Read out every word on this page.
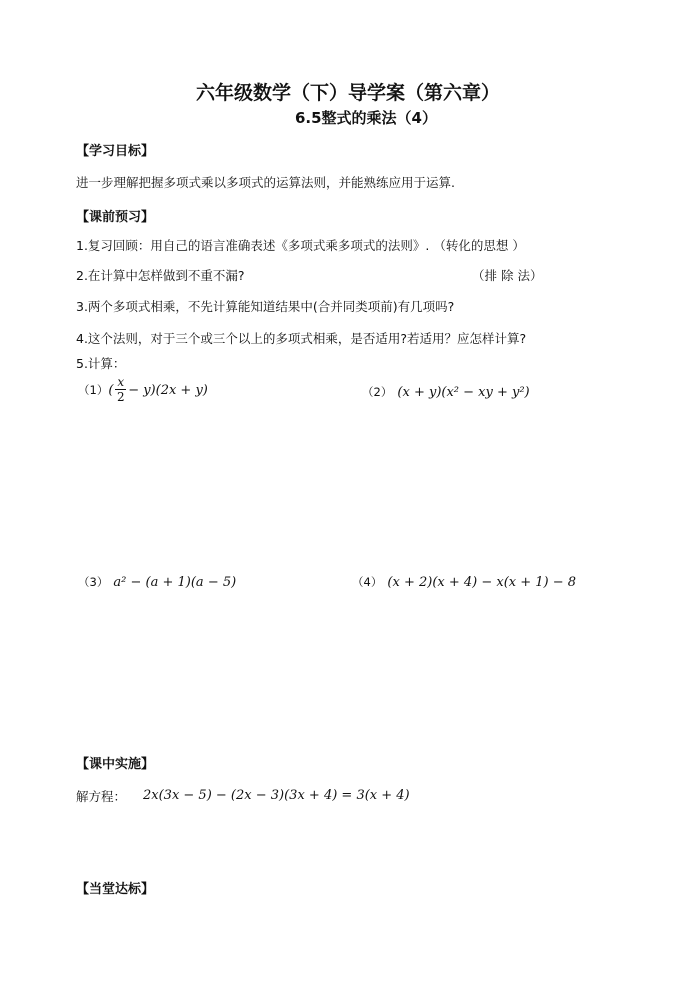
六年级数学（下）导学案（第六章）
6.5整式的乘法（4）
【学习目标】
进一步理解把握多项式乘以多项式的运算法则，并能熟练应用于运算.
【课前预习】
1.复习回顾：用自己的语言准确表述《多项式乘多项式的法则》. （转化的思想 ）
2.在计算中怎样做到不重不漏?	（排 除 法）
3.两个多项式相乘，不先计算能知道结果中(合并同类项前)有几项吗?
4.这个法则，对于三个或三个以上的多项式相乘，是否适用?若适用？应怎样计算?
5.计算：
（1） ( $\frac{x}{2} - y)(2x + y)$	（2） (x + y)(x² − xy + y²)
（3） a² − (a + 1)(a − 5)	（4） (x + 2)(x + 4) − x(x + 1) − 8
【课中实施】
解方程： 2x(3x − 5) − (2x − 3)(3x + 4) = 3(x + 4)
【当堂达标】
